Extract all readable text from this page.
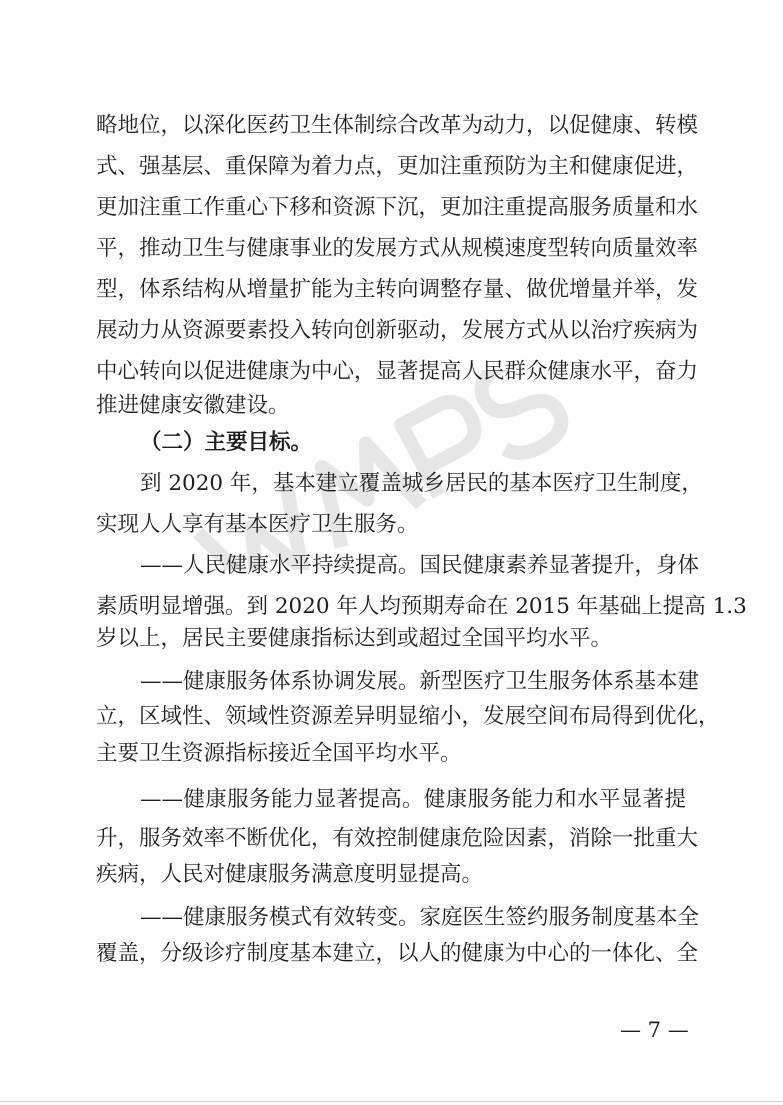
略地位，以深化医药卫生体制综合改革为动力，以促健康、转模
式、强基层、重保障为着力点，更加注重预防为主和健康促进，
更加注重工作重心下移和资源下沉，更加注重提高服务质量和水
平，推动卫生与健康事业的发展方式从规模速度型转向质量效率
型，体系结构从增量扩能为主转向调整存量、做优增量并举，发
展动力从资源要素投入转向创新驱动，发展方式从以治疗疾病为
中心转向以促进健康为中心，显著提高人民群众健康水平，奋力
推进健康安徽建设。
（二）主要目标。
到 2020 年，基本建立覆盖城乡居民的基本医疗卫生制度，
实现人人享有基本医疗卫生服务。
——人民健康水平持续提高。国民健康素养显著提升，身体
素质明显增强。到 2020 年人均预期寿命在 2015 年基础上提高 1.3
岁以上，居民主要健康指标达到或超过全国平均水平。
——健康服务体系协调发展。新型医疗卫生服务体系基本建
立，区域性、领域性资源差异明显缩小，发展空间布局得到优化，
主要卫生资源指标接近全国平均水平。
——健康服务能力显著提高。健康服务能力和水平显著提
升，服务效率不断优化，有效控制健康危险因素，消除一批重大
疾病，人民对健康服务满意度明显提高。
——健康服务模式有效转变。家庭医生签约服务制度基本全
覆盖，分级诊疗制度基本建立，以人的健康为中心的一体化、全
— 7 —
